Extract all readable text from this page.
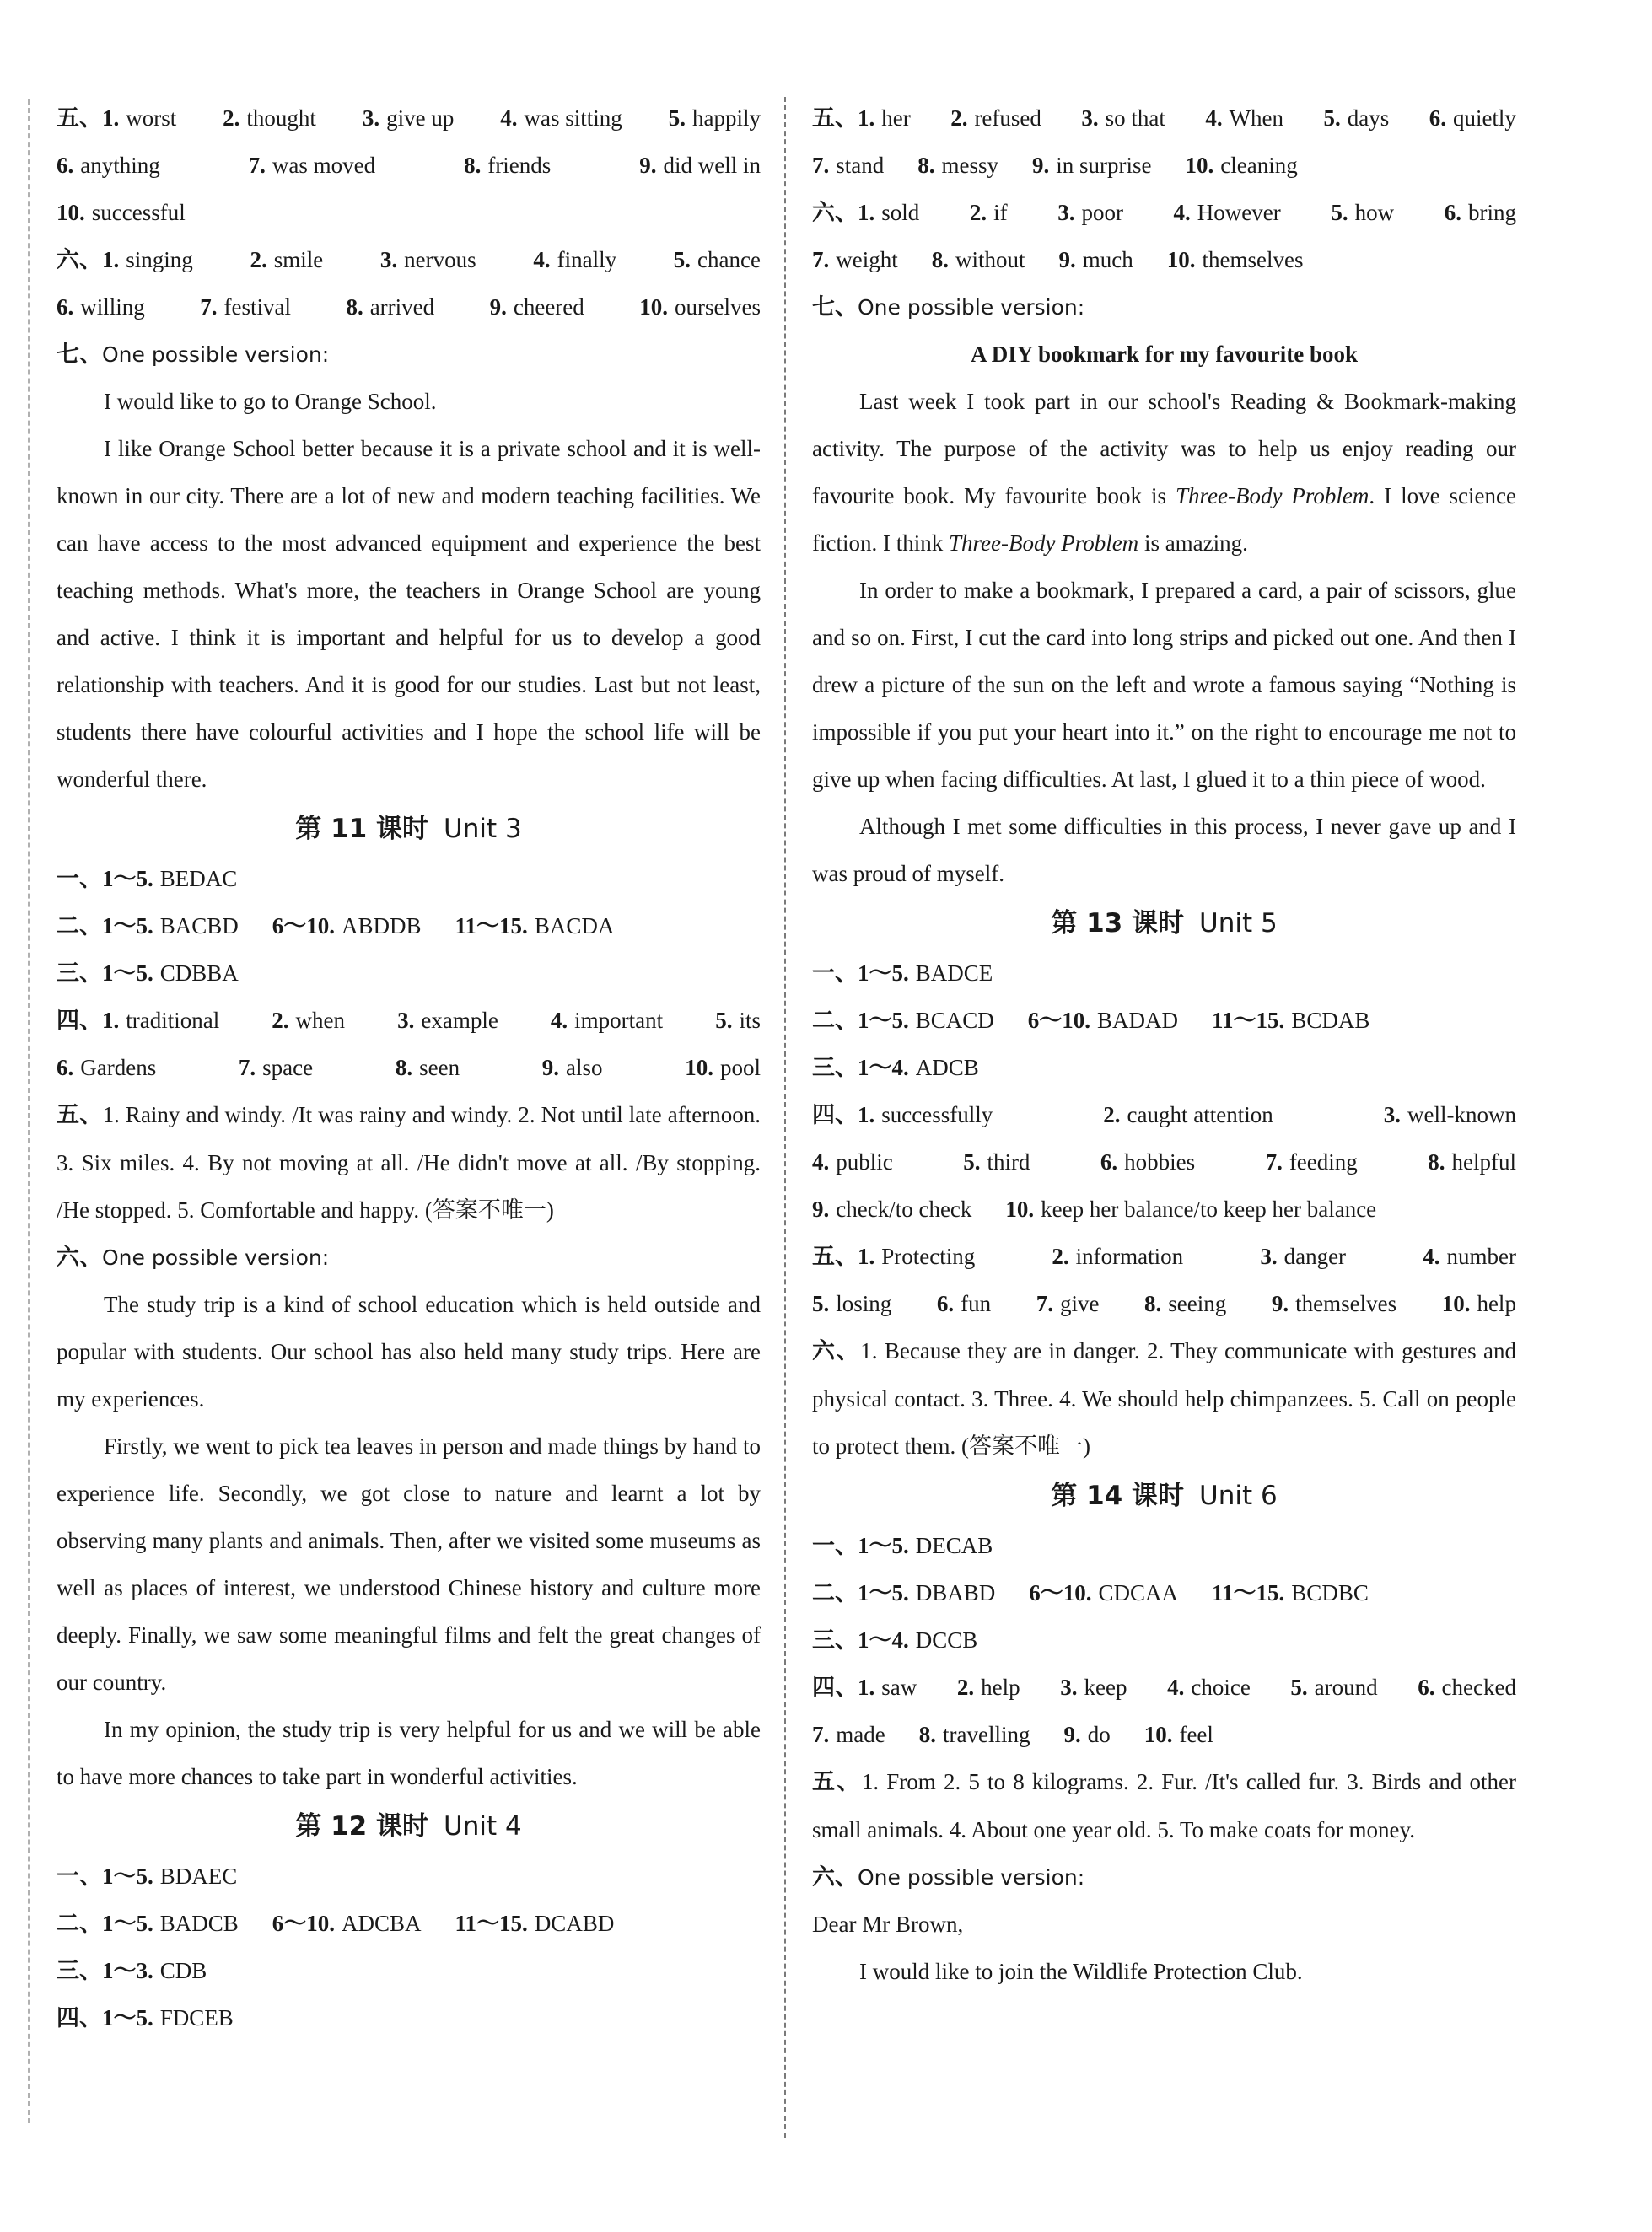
五、1. worst 2. thought 3. give up 4. was sitting 5. happily
6. anything	7. was moved	8. friends	9. did well in
10. successful
六、1. singing	2. smile	3. nervous	4. finally	5. chance
6. willing 7. festival 8. arrived 9. cheered 10. ourselves
七、One possible version:

I would like to go to Orange School.

I like Orange School better because it is a private school and it is well-known in our city. There are a lot of new and modern teaching facilities. We can have access to the most advanced equipment and experience the best teaching methods. What's more, the teachers in Orange School are young and active. I think it is important and helpful for us to develop a good relationship with teachers. And it is good for our studies. Last but not least, students there have colourful activities and I hope the school life will be wonderful there.

第 11 课时 Unit 3
一、1～5. BEDAC
二、1～5. BACBD 6～10. ABDDB 11～15. BACDA
三、1～5. CDBBA
四、1. traditional 2. when 3. example 4. important 5. its
6. Gardens	7. space	8. seen	9. also	10. pool

五、1. Rainy and windy. /It was rainy and windy. 2. Not until late afternoon. 3. Six miles. 4. By not moving at all. /He didn't move at all. /By stopping. /He stopped. 5. Comfortable and happy. (答案不唯一)

六、One possible version:

The study trip is a kind of school education which is held outside and popular with students. Our school has also held many study trips. Here are my experiences.

Firstly, we went to pick tea leaves in person and made things by hand to experience life. Secondly, we got close to nature and learnt a lot by observing many plants and animals. Then, after we visited some museums as well as places of interest, we understood Chinese history and culture more deeply. Finally, we saw some meaningful films and felt the great changes of our country.

In my opinion, the study trip is very helpful for us and we will be able to have more chances to take part in wonderful activities.

第 12 课时 Unit 4
一、1～5. BDAEC
二、1～5. BADCB 6～10. ADCBA 11～15. DCABD
三、1～3. CDB
四、1～5. FDCEB
五、1. her 2. refused 3. so that 4. When 5. days 6. quietly
7. stand 8. messy 9. in surprise 10. cleaning
六、1. sold 2. if 3. poor 4. However 5. how 6. bring
7. weight 8. without 9. much 10. themselves
七、One possible version:
A DIY bookmark for my favourite book

Last week I took part in our school's Reading & Bookmark-making activity. The purpose of the activity was to help us enjoy reading our favourite book. My favourite book is Three-Body Problem. I love science fiction. I think Three-Body Problem is amazing.

In order to make a bookmark, I prepared a card, a pair of scissors, glue and so on. First, I cut the card into long strips and picked out one. And then I drew a picture of the sun on the left and wrote a famous saying “Nothing is impossible if you put your heart into it.” on the right to encourage me not to give up when facing difficulties. At last, I glued it to a thin piece of wood.

Although I met some difficulties in this process, I never gave up and I was proud of myself.

第 13 课时 Unit 5
一、1～5. BADCE
二、1～5. BCACD 6～10. BADAD 11～15. BCDAB
三、1～4. ADCB
四、1. successfully	2. caught attention	3. well-known
4. public	5. third	6. hobbies	7. feeding	8. helpful
9. check/to check 10. keep her balance/to keep her balance
五、1. Protecting	2. information	3. danger	4. number
5. losing 6. fun 7. give 8. seeing 9. themselves 10. help

六、1. Because they are in danger. 2. They communicate with gestures and physical contact. 3. Three. 4. We should help chimpanzees. 5. Call on people to protect them. (答案不唯一)

第 14 课时 Unit 6
一、1～5. DECAB
二、1～5. DBABD 6～10. CDCAA 11～15. BCDBC
三、1～4. DCCB
四、1. saw 2. help 3. keep 4. choice 5. around 6. checked
7. made 8. travelling 9. do 10. feel

五、1. From 2. 5 to 8 kilograms. 2. Fur. /It's called fur. 3. Birds and other small animals. 4. About one year old. 5. To make coats for money.

六、One possible version:
Dear Mr Brown,

I would like to join the Wildlife Protection Club.
